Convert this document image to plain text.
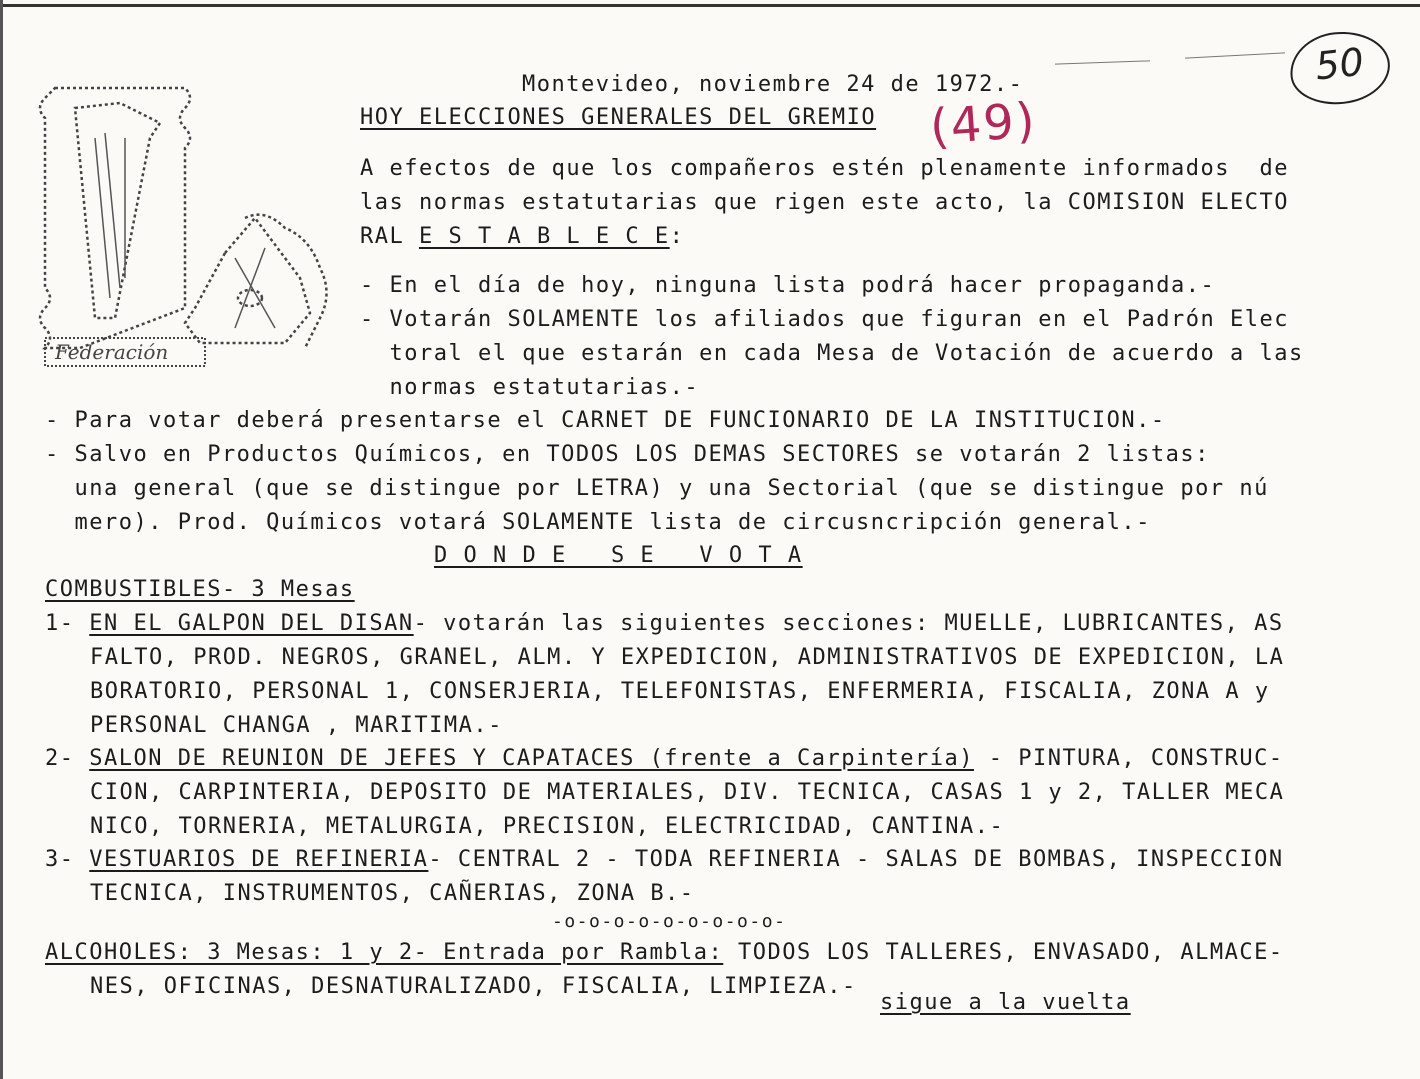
Federación
50
Montevideo, noviembre 24 de 1972.-
HOY ELECCIONES GENERALES DEL GREMIO (49)
A efectos de que los compañeros estén plenamente informados  de
las normas estatutarias que rigen este acto, la COMISION ELECTO
RAL E S T A B L E C E:
- En el día de hoy, ninguna lista podrá hacer propaganda.-
- Votarán SOLAMENTE los afiliados que figuran en el Padrón Elec
toral el que estarán en cada Mesa de Votación de acuerdo a las
normas estatutarias.-
- Para votar deberá presentarse el CARNET DE FUNCIONARIO DE LA INSTITUCION.-
- Salvo en Productos Químicos, en TODOS LOS DEMAS SECTORES se votarán 2 listas:
una general (que se distingue por LETRA) y una Sectorial (que se distingue por nú
mero). Prod. Químicos votará SOLAMENTE lista de circusncripción general.-
D O N D E _ S E _ V O T A
COMBUSTIBLES- 3 Mesas
1- EN EL GALPON DEL DISAN- votarán las siguientes secciones: MUELLE, LUBRICANTES, AS
FALTO, PROD. NEGROS, GRANEL, ALM. Y EXPEDICION, ADMINISTRATIVOS DE EXPEDICION, LA
BORATORIO, PERSONAL 1, CONSERJERIA, TELEFONISTAS, ENFERMERIA, FISCALIA, ZONA A y
PERSONAL CHANGA , MARITIMA.-
2- SALON DE REUNION DE JEFES Y CAPATACES (frente a Carpintería) - PINTURA, CONSTRUC-
CION, CARPINTERIA, DEPOSITO DE MATERIALES, DIV. TECNICA, CASAS 1 y 2, TALLER MECA
NICO, TORNERIA, METALURGIA, PRECISION, ELECTRICIDAD, CANTINA.-
3- VESTUARIOS DE REFINERIA- CENTRAL 2 - TODA REFINERIA - SALAS DE BOMBAS, INSPECCION
TECNICA, INSTRUMENTOS, CAÑERIAS, ZONA B.-
-o-o-o-o-o-o-o-o-o-
ALCOHOLES: 3 Mesas: 1 y 2- Entrada por Rambla: TODOS LOS TALLERES, ENVASADO, ALMACE-
NES, OFICINAS, DESNATURALIZADO, FISCALIA, LIMPIEZA.-
sigue a la vuelta
